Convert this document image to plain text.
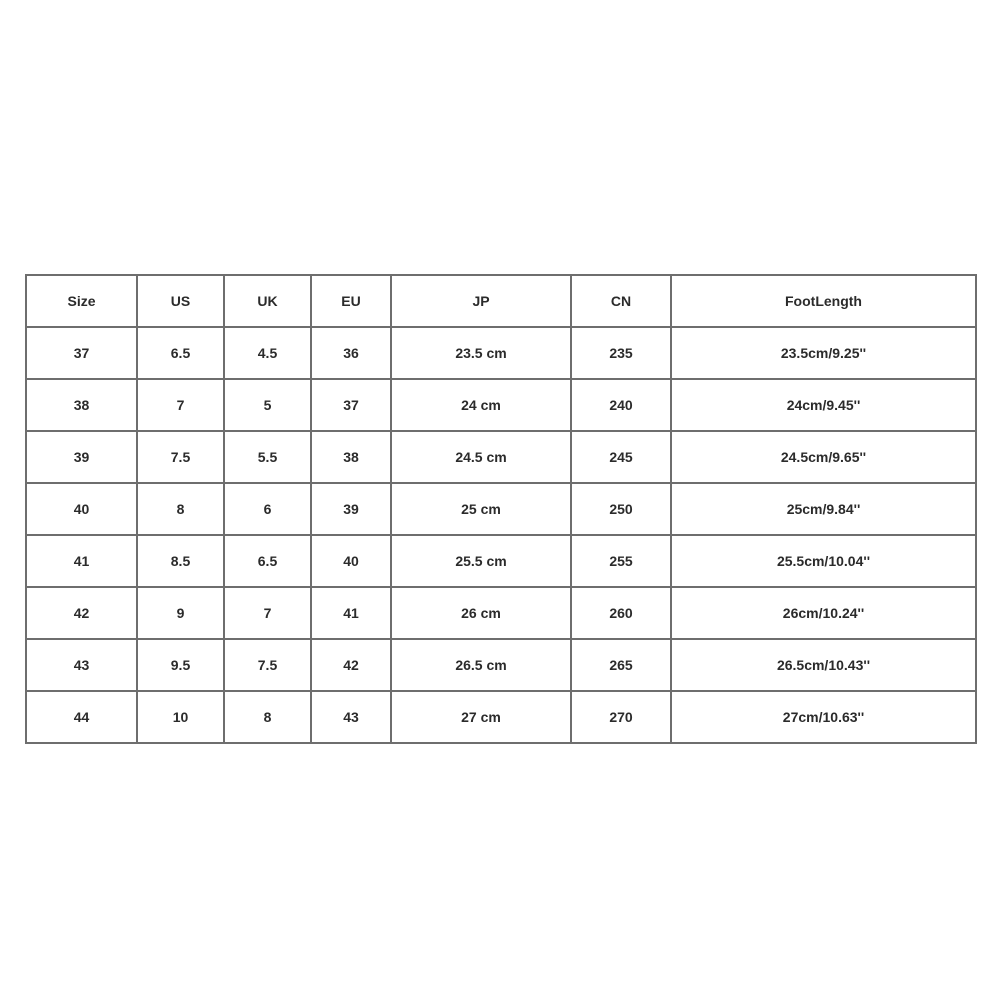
Size	US	UK	EU	JP	CN	FootLength
37	6.5	4.5	36	23.5 cm	235	23.5cm/9.25''
38	7	5	37	24 cm	240	24cm/9.45''
39	7.5	5.5	38	24.5 cm	245	24.5cm/9.65''
40	8	6	39	25 cm	250	25cm/9.84''
41	8.5	6.5	40	25.5 cm	255	25.5cm/10.04''
42	9	7	41	26 cm	260	26cm/10.24''
43	9.5	7.5	42	26.5 cm	265	26.5cm/10.43''
44	10	8	43	27 cm	270	27cm/10.63''
